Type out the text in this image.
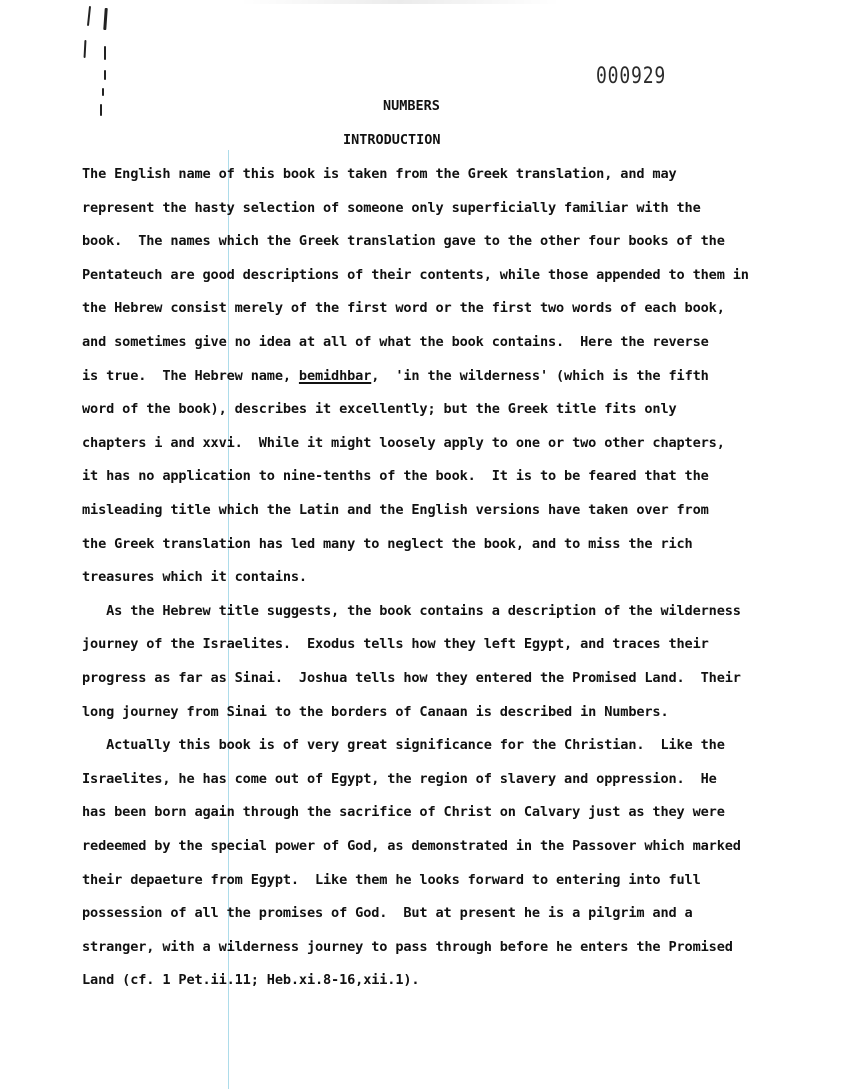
000929
NUMBERS
INTRODUCTION
The English name of this book is taken from the Greek translation, and may
represent the hasty selection of someone only superficially familiar with the
book.  The names which the Greek translation gave to the other four books of the
Pentateuch are good descriptions of their contents, while those appended to them in
the Hebrew consist merely of the first word or the first two words of each book,
and sometimes give no idea at all of what the book contains.  Here the reverse
is true.  The Hebrew name, bemidhbar,  'in the wilderness' (which is the fifth
word of the book), describes it excellently; but the Greek title fits only
chapters i and xxvi.  While it might loosely apply to one or two other chapters,
it has no application to nine-tenths of the book.  It is to be feared that the
misleading title which the Latin and the English versions have taken over from
the Greek translation has led many to neglect the book, and to miss the rich
treasures which it contains.
As the Hebrew title suggests, the book contains a description of the wilderness
journey of the Israelites.  Exodus tells how they left Egypt, and traces their
progress as far as Sinai.  Joshua tells how they entered the Promised Land.  Their
long journey from Sinai to the borders of Canaan is described in Numbers.
Actually this book is of very great significance for the Christian.  Like the
Israelites, he has come out of Egypt, the region of slavery and oppression.  He
has been born again through the sacrifice of Christ on Calvary just as they were
redeemed by the special power of God, as demonstrated in the Passover which marked
their depaeture from Egypt.  Like them he looks forward to entering into full
possession of all the promises of God.  But at present he is a pilgrim and a
stranger, with a wilderness journey to pass through before he enters the Promised
Land (cf. 1 Pet.ii.11; Heb.xi.8-16,xii.1).
